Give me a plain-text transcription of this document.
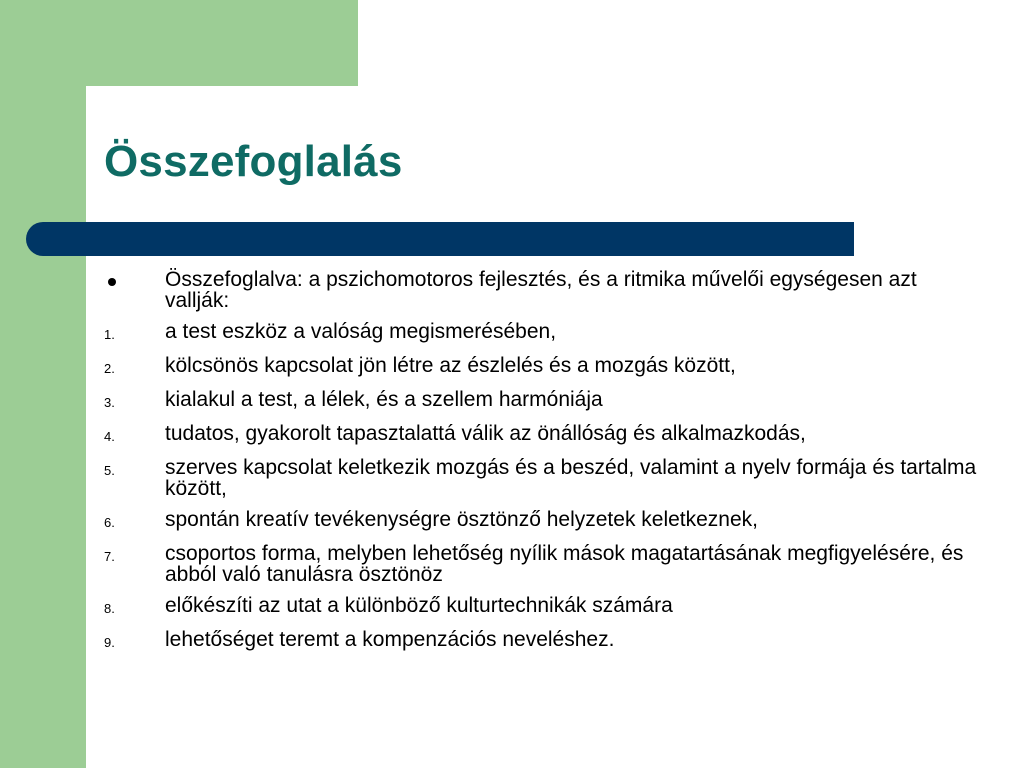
Összefoglalás
Összefoglalva: a pszichomotoros fejlesztés, és a ritmika művelői egységesen azt vallják:
1.	a test eszköz a valóság megismerésében,
2.	kölcsönös kapcsolat jön létre az észlelés és a mozgás között,
3.	kialakul a test, a lélek, és a szellem harmóniája
4.	tudatos, gyakorolt tapasztalattá válik az önállóság és alkalmazkodás,
5.	szerves kapcsolat keletkezik mozgás és a beszéd, valamint a nyelv formája és tartalma között,
6.	spontán kreatív tevékenységre ösztönző helyzetek keletkeznek,
7.	csoportos forma, melyben lehetőség nyílik mások magatartásának megfigyelésére, és abból való tanulásra ösztönöz
8.	előkészíti az utat a különböző kulturtechnikák számára
9.	lehetőséget teremt a kompenzációs neveléshez.
